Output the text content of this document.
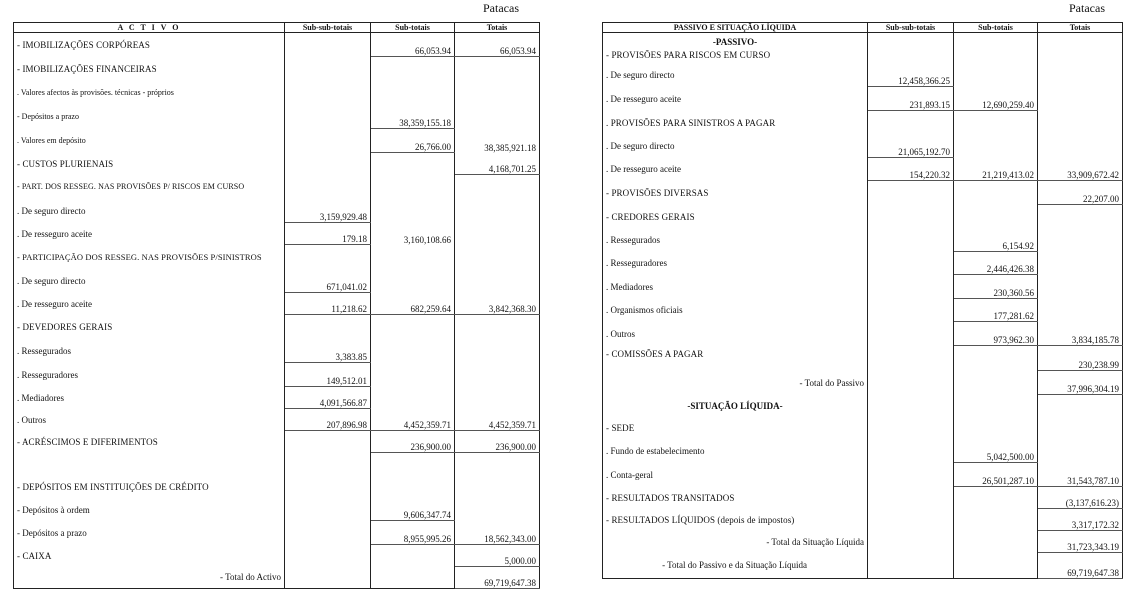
Patacas
A C T I V O	Sub-sub-totais	Sub-totais	Totais
- IMOBILIZAÇÕES CORPÓREAS		66,053.94	66,053.94
- IMOBILIZAÇÕES FINANCEIRAS			
. Valores afectos às provisões. técnicas - próprios			
- Depósitos a prazo		38,359,155.18	
. Valores em depósito		26,766.00	38,385,921.18
- CUSTOS PLURIENAIS			4,168,701.25
- PART. DOS RESSEG. NAS PROVISÕES P/ RISCOS EM CURSO			
. De seguro directo	3,159,929.48		
. De resseguro aceite	179.18	3,160,108.66	
- PARTICIPAÇÃO DOS RESSEG. NAS PROVISÕES P/SINISTROS			
. De seguro directo	671,041.02		
. De resseguro aceite	11,218.62	682,259.64	3,842,368.30
- DEVEDORES GERAIS			
. Ressegurados	3,383.85		
. Resseguradores	149,512.01		
. Mediadores	4,091,566.87		
. Outros	207,896.98	4,452,359.71	4,452,359.71
- ACRÉSCIMOS E DIFERIMENTOS		236,900.00	236,900.00

- DEPÓSITOS EM INSTITUIÇÕES DE CRÉDITO			
- Depósitos à ordem		9,606,347.74	
- Depósitos a prazo		8,955,995.26	18,562,343.00
- CAIXA			5,000.00
- Total do Activo			69,719,647.38
Patacas
PASSIVO E SITUAÇÃO LÍQUIDA	Sub-sub-totais	Sub-totais	Totais
-PASSIVO-			
- PROVISÕES PARA RISCOS EM CURSO			
. De seguro directo	12,458,366.25		
. De resseguro aceite	231,893.15	12,690,259.40	
. PROVISÕES PARA SINISTROS A PAGAR			
. De seguro directo	21,065,192.70		
. De resseguro aceite	154,220.32	21,219,413.02	33,909,672.42
- PROVISÕES DIVERSAS			22,207.00
- CREDORES GERAIS			
. Ressegurados		6,154.92	
. Resseguradores		2,446,426.38	
. Mediadores		230,360.56	
. Organismos oficiais		177,281.62	
. Outros		973,962.30	3,834,185.78
- COMISSÕES A PAGAR			230,238.99
- Total do Passivo			37,996,304.19
-SITUAÇÃO LÍQUIDA-			
- SEDE			
. Fundo de estabelecimento		5,042,500.00	
. Conta-geral		26,501,287.10	31,543,787.10
- RESULTADOS TRANSITADOS			(3,137,616.23)
- RESULTADOS LÍQUIDOS (depois de impostos)			3,317,172.32
- Total da Situação Líquida			31,723,343.19
- Total do Passivo e da Situação Líquida			69,719,647.38
